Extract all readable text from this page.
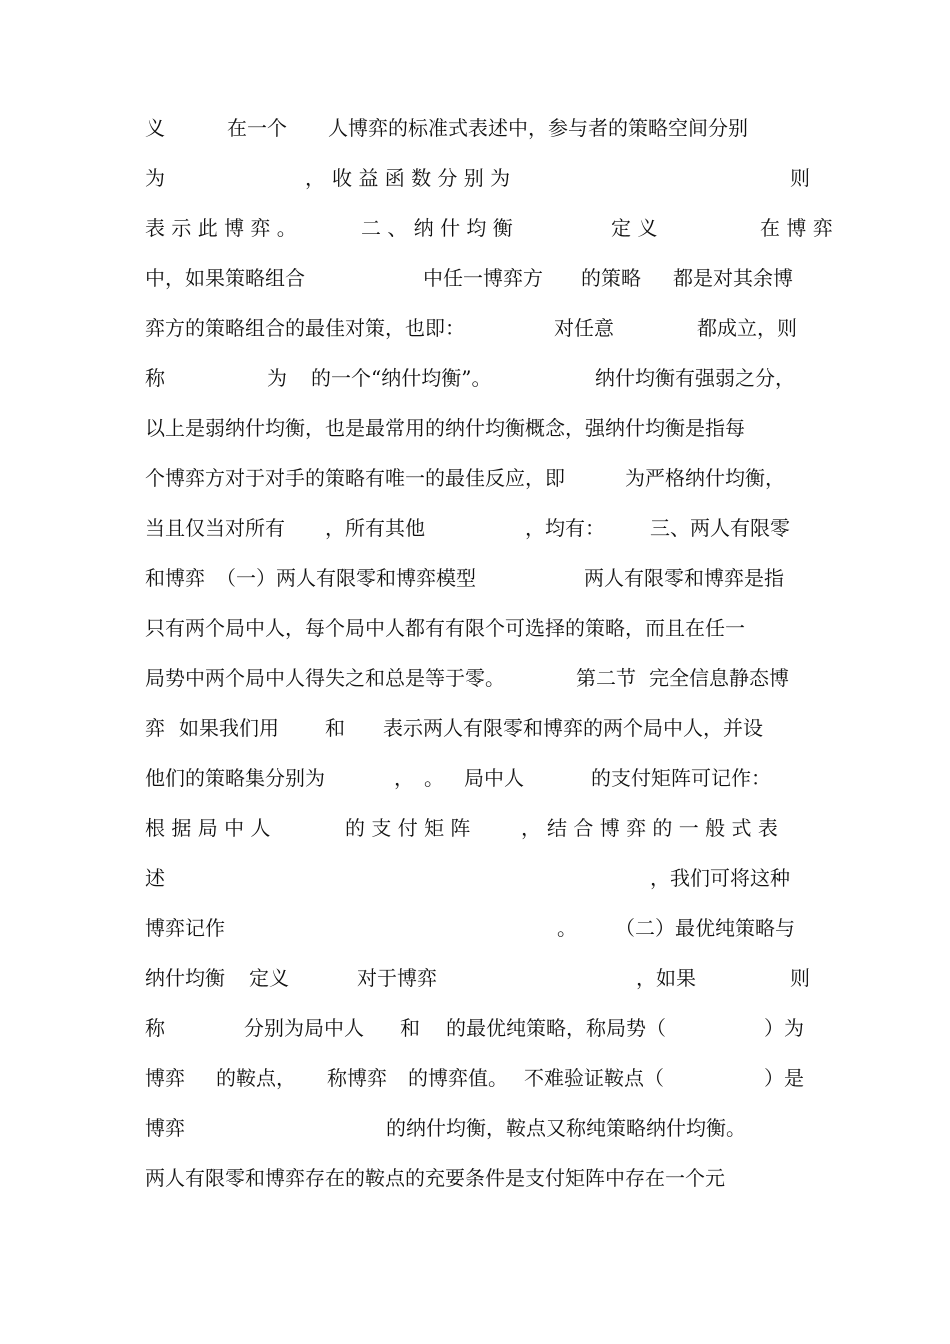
义	在一个 人博弈的标准式表述中，参与者的策略空间分别
为	， 收 益 函 数 分 别 为	则
表 示 此 博 弈 。	二 、 纳 什 均 衡	定 义	在 博 弈
中，如果策略组合	中任一博弈方 的策略 都是对其余博
弈方的策略组合的最佳对策，也即：	对任意	都成立，则
称	为 的一个“纳什均衡”。	纳什均衡有强弱之分，
以上是弱纳什均衡，也是最常用的纳什均衡概念，强纳什均衡是指每
个博弈方对于对手的策略有唯一的最佳反应，即	为严格纳什均衡，
当且仅当对所有 ，所有其他	，均有： 三、两人有限零
和博弈 （一）两人有限零和博弈模型	两人有限零和博弈是指
只有两个局中人，每个局中人都有有限个可选择的策略，而且在任一
局势中两个局中人得失之和总是等于零。	第二节 完全信息静态博
弈 如果我们用 和 表示两人有限零和博弈的两个局中人，并设
他们的策略集分别为	， 。 局中人	的支付矩阵可记作：
根 据 局 中 人	的 支 付 矩 阵	， 结 合 博 弈 的 一 般 式 表
述	，我们可将这种
博弈记作	。 （二）最优纯策略与
纳什均衡 定义	对于博弈	，如果	则
称	分别为局中人 和 的最优纯策略，称局势（	）为
博弈 的鞍点， 称博弈 的博弈值。 不难验证鞍点（	）是
博弈	的纳什均衡，鞍点又称纯策略纳什均衡。
两人有限零和博弈存在的鞍点的充要条件是支付矩阵中存在一个元
